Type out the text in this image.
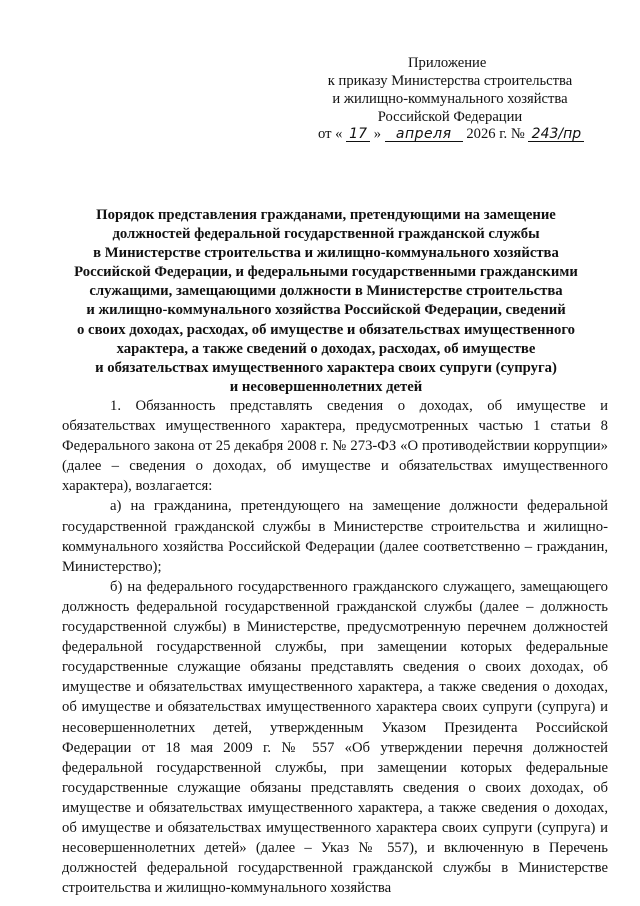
Приложение
к приказу Министерства строительства
и жилищно-коммунального хозяйства
Российской Федерации
от « 17 » апреля 2026 г. № 243/пр
Порядок представления гражданами, претендующими на замещение
должностей федеральной государственной гражданской службы
в Министерстве строительства и жилищно-коммунального хозяйства
Российской Федерации, и федеральными государственными гражданскими
служащими, замещающими должности в Министерстве строительства
и жилищно-коммунального хозяйства Российской Федерации, сведений
о своих доходах, расходах, об имуществе и обязательствах имущественного
характера, а также сведений о доходах, расходах, об имуществе
и обязательствах имущественного характера своих супруги (супруга)
и несовершеннолетних детей

1. Обязанность представлять сведения о доходах, об имуществе и обязательствах имущественного характера, предусмотренных частью 1 статьи 8 Федерального закона от 25 декабря 2008 г. № 273-ФЗ «О противодействии коррупции» (далее – сведения о доходах, об имуществе и обязательствах имущественного характера), возлагается:

а) на гражданина, претендующего на замещение должности федеральной государственной гражданской службы в Министерстве строительства и жилищно-коммунального хозяйства Российской Федерации (далее соответственно – гражданин, Министерство);

б) на федерального государственного гражданского служащего, замещающего должность федеральной государственной гражданской службы (далее – должность государственной службы) в Министерстве, предусмотренную перечнем должностей федеральной государственной службы, при замещении которых федеральные государственные служащие обязаны представлять сведения о своих доходах, об имуществе и обязательствах имущественного характера, а также сведения о доходах, об имуществе и обязательствах имущественного характера своих супруги (супруга) и несовершеннолетних детей, утвержденным Указом Президента Российской Федерации от 18 мая 2009 г. № 557 «Об утверждении перечня должностей федеральной государственной службы, при замещении которых федеральные государственные служащие обязаны представлять сведения о своих доходах, об имуществе и обязательствах имущественного характера, а также сведения о доходах, об имуществе и обязательствах имущественного характера своих супруги (супруга) и несовершеннолетних детей» (далее – Указ № 557), и включенную в Перечень должностей федеральной государственной гражданской службы в Министерстве строительства и жилищно-коммунального хозяйства
